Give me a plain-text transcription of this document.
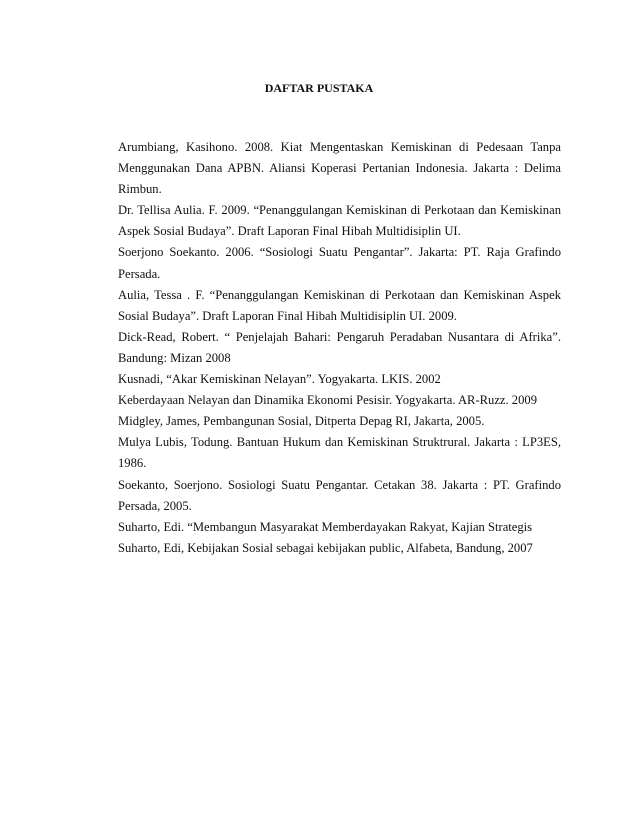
DAFTAR PUSTAKA

Arumbiang, Kasihono. 2008. Kiat Mengentaskan Kemiskinan di Pedesaan Tanpa Menggunakan Dana APBN. Aliansi Koperasi Pertanian Indonesia. Jakarta : Delima Rimbun.

Dr. Tellisa Aulia. F. 2009. “Penanggulangan Kemiskinan di Perkotaan dan Kemiskinan Aspek Sosial Budaya”. Draft Laporan Final Hibah Multidisiplin UI.

Soerjono Soekanto. 2006. “Sosiologi Suatu Pengantar”. Jakarta: PT. Raja Grafindo Persada.

Aulia, Tessa . F. “Penanggulangan Kemiskinan di Perkotaan dan Kemiskinan Aspek Sosial Budaya”. Draft Laporan Final Hibah Multidisiplin UI. 2009.

Dick-Read, Robert. “ Penjelajah Bahari: Pengaruh Peradaban Nusantara di Afrika”. Bandung: Mizan 2008

Kusnadi, “Akar Kemiskinan Nelayan”. Yogyakarta. LKIS. 2002

Keberdayaan Nelayan dan Dinamika Ekonomi Pesisir. Yogyakarta. AR-Ruzz. 2009

Midgley, James, Pembangunan Sosial, Ditperta Depag RI, Jakarta, 2005.

Mulya Lubis, Todung. Bantuan Hukum dan Kemiskinan Struktrural. Jakarta : LP3ES, 1986.

Soekanto, Soerjono. Sosiologi Suatu Pengantar. Cetakan 38. Jakarta : PT. Grafindo Persada, 2005.

Suharto, Edi. “Membangun Masyarakat Memberdayakan Rakyat, Kajian Strategis

Suharto, Edi, Kebijakan Sosial sebagai kebijakan public, Alfabeta, Bandung, 2007
